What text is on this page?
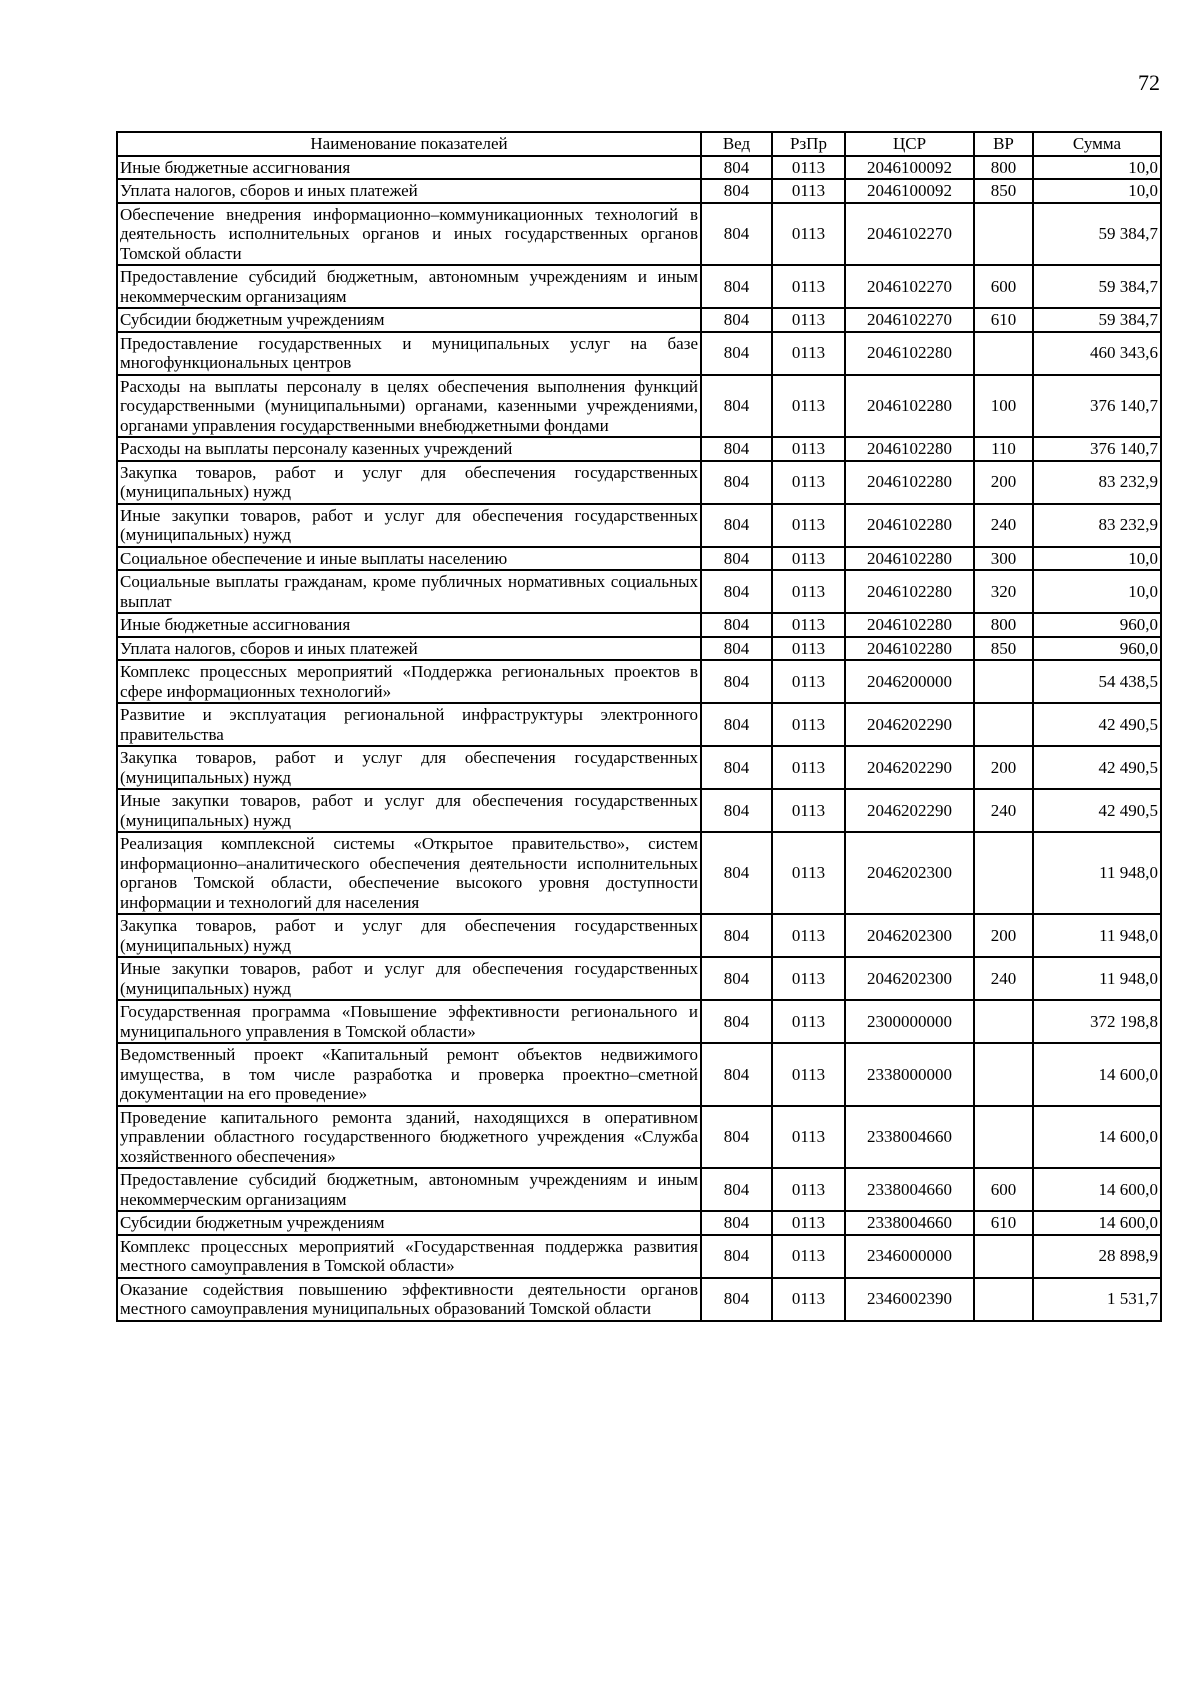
72
Наименование показателей	Вед	РзПр	ЦСР	ВР	Сумма
Иные бюджетные ассигнования	804	0113	2046100092	800	10,0
Уплата налогов, сборов и иных платежей	804	0113	2046100092	850	10,0
Обеспечение внедрения информационно–коммуникационных технологий в деятельность исполнительных органов и иных государственных органов Томской области	804	0113	2046102270		59 384,7
Предоставление субсидий бюджетным, автономным учреждениям и иным некоммерческим организациям	804	0113	2046102270	600	59 384,7
Субсидии бюджетным учреждениям	804	0113	2046102270	610	59 384,7
Предоставление государственных и муниципальных услуг на базе многофункциональных центров	804	0113	2046102280		460 343,6
Расходы на выплаты персоналу в целях обеспечения выполнения функций государственными (муниципальными) органами, казенными учреждениями, органами управления государственными внебюджетными фондами	804	0113	2046102280	100	376 140,7
Расходы на выплаты персоналу казенных учреждений	804	0113	2046102280	110	376 140,7
Закупка товаров, работ и услуг для обеспечения государственных (муниципальных) нужд	804	0113	2046102280	200	83 232,9
Иные закупки товаров, работ и услуг для обеспечения государственных (муниципальных) нужд	804	0113	2046102280	240	83 232,9
Социальное обеспечение и иные выплаты населению	804	0113	2046102280	300	10,0
Социальные выплаты гражданам, кроме публичных нормативных социальных выплат	804	0113	2046102280	320	10,0
Иные бюджетные ассигнования	804	0113	2046102280	800	960,0
Уплата налогов, сборов и иных платежей	804	0113	2046102280	850	960,0
Комплекс процессных мероприятий «Поддержка региональных проектов в сфере информационных технологий»	804	0113	2046200000		54 438,5
Развитие и эксплуатация региональной инфраструктуры электронного правительства	804	0113	2046202290		42 490,5
Закупка товаров, работ и услуг для обеспечения государственных (муниципальных) нужд	804	0113	2046202290	200	42 490,5
Иные закупки товаров, работ и услуг для обеспечения государственных (муниципальных) нужд	804	0113	2046202290	240	42 490,5
Реализация комплексной системы «Открытое правительство», систем информационно–аналитического обеспечения деятельности исполнительных органов Томской области, обеспечение высокого уровня доступности информации и технологий для населения	804	0113	2046202300		11 948,0
Закупка товаров, работ и услуг для обеспечения государственных (муниципальных) нужд	804	0113	2046202300	200	11 948,0
Иные закупки товаров, работ и услуг для обеспечения государственных (муниципальных) нужд	804	0113	2046202300	240	11 948,0
Государственная программа «Повышение эффективности регионального и муниципального управления в Томской области»	804	0113	2300000000		372 198,8
Ведомственный проект «Капитальный ремонт объектов недвижимого имущества, в том числе разработка и проверка проектно–сметной документации на его проведение»	804	0113	2338000000		14 600,0
Проведение капитального ремонта зданий, находящихся в оперативном управлении областного государственного бюджетного учреждения «Служба хозяйственного обеспечения»	804	0113	2338004660		14 600,0
Предоставление субсидий бюджетным, автономным учреждениям и иным некоммерческим организациям	804	0113	2338004660	600	14 600,0
Субсидии бюджетным учреждениям	804	0113	2338004660	610	14 600,0
Комплекс процессных мероприятий «Государственная поддержка развития местного самоуправления в Томской области»	804	0113	2346000000		28 898,9
Оказание содействия повышению эффективности деятельности органов местного самоуправления муниципальных образований Томской области	804	0113	2346002390		1 531,7
